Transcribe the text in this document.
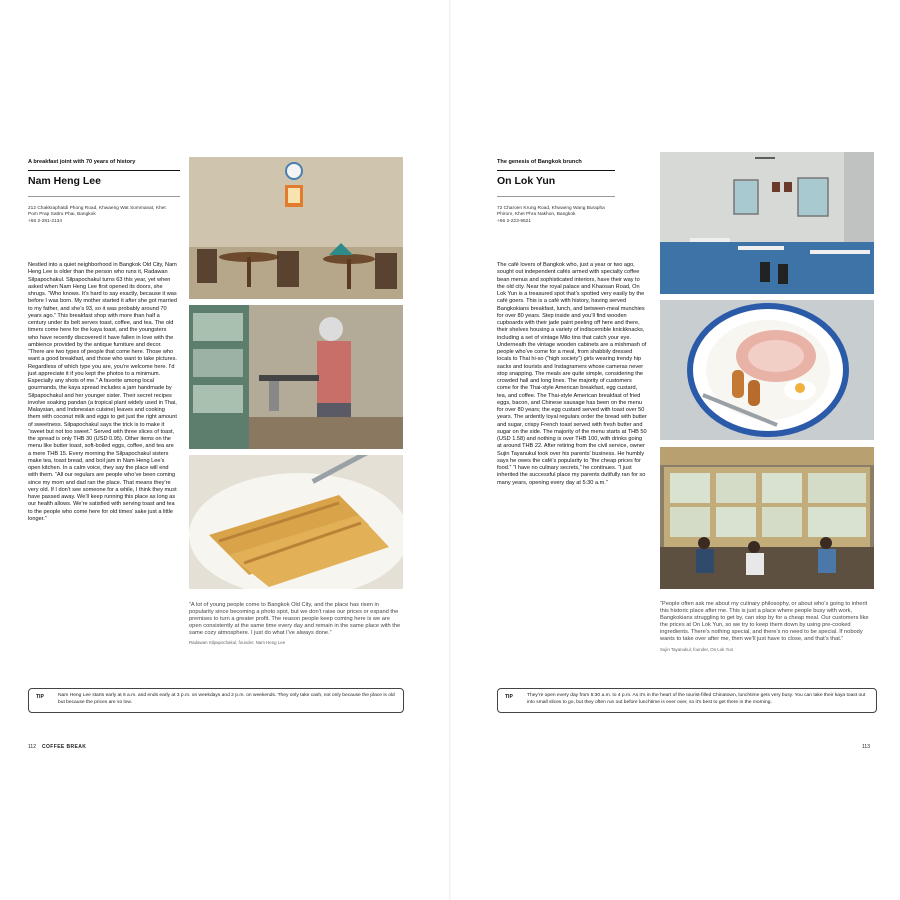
A breakfast joint with 70 years of history
Nam Heng Lee
212 Chakkraphatdi Phong Road, Khwaeng Wat Sommanat, Khet Pom Prap Sattru Phai, Bangkok
+66 2-281-2134
Nestled into a quiet neighborhood in Bangkok Old City, Nam Heng Lee is older than the person who runs it, Radawan Silpapochakul. Silpapochakul turns 63 this year, yet when asked when Nam Heng Lee first opened its doors, she shrugs. “Who knows. It’s hard to say exactly, because it was before I was born. My mother started it after she got married to my father, and she’s 93, so it was probably around 70 years ago.” This breakfast shop with more than half a century under its belt serves toast, coffee, and tea. The old timers come here for the kaya toast, and the youngsters who have recently discovered it have fallen in love with the ambience provided by the antique furniture and decor. “There are two types of people that come here. Those who want a good breakfast, and those who want to take pictures. Regardless of which type you are, you’re welcome here. I’d just appreciate it if you kept the photos to a minimum. Especially any shots of me.” A favorite among local gourmands, the kaya spread includes a jam handmade by Silpapochakul and her younger sister. Their secret recipes involve soaking pandan (a tropical plant widely used in Thai, Malaysian, and Indonesian cuisine) leaves and cooking them with coconut milk and eggs to get just the right amount of sweetness. Silpapochakul says the trick is to make it “sweet but not too sweet.” Served with three slices of toast, the spread is only THB 30 (USD 0.95). Other items on the menu like butter toast, soft-boiled eggs, coffee, and tea are a mere THB 15. Every morning the Silpapochakul sisters make tea, toast bread, and boil jam in Nam Heng Lee’s open kitchen. In a calm voice, they say the place will end with them. “All our regulars are people who’ve been coming since my mom and dad ran the place. That means they’re very old. If I don’t see someone for a while, I think they must have passed away. We’ll keep running this place as long as our health allows. We’re satisfied with serving toast and tea to the people who come here for old times’ sake just a little longer.”
“A lot of young people come to Bangkok Old City, and the place has risen in popularity since becoming a photo spot, but we don’t raise our prices or expand the premises to turn a greater profit. The reason people keep coming here is we are open consistently at the same time every day and remain in the same place with the same cozy atmosphere. I just do what I’ve always done.”
Radawan Silpapochakul, founder, Nam Heng Lee
TIP	Nam Heng Lee starts early at 6 a.m. and ends early at 3 p.m. on weekdays and 2 p.m. on weekends. They only take cash, not only because the place is old but because the prices are so low.
112 COFFEE BREAK
The genesis of Bangkok brunch
On Lok Yun
72 Charoen Krung Road, Khwaeng Wang Burapha Phirom, Khet Phra Nakhon, Bangkok
+66 2-223-9621
The café lovers of Bangkok who, just a year or two ago, sought out independent cafés armed with specialty coffee bean menus and sophisticated interiors, have their way to the old city. Near the royal palace and Khaosan Road, On Lok Yun is a treasured spot that’s spotted very easily by the café goers. This is a café with history, having served Bangkokians breakfast, lunch, and between-meal munchies for over 80 years. Step inside and you’ll find wooden cupboards with their jade paint peeling off here and there, their shelves housing a variety of indiscernible knickknacks, including a set of vintage Milo tins that catch your eye. Underneath the vintage wooden cabinets are a mishmash of people who’ve come for a meal, from shabbily dressed locals to Thai hi-so (“high society”) girls wearing trendy hip sacks and tourists and Instagramers whose cameras never stop snapping. The meals are quite simple, considering the crowded hall and long lines. The majority of customers come for the Thai-style American breakfast, egg custard, tea, and coffee. The Thai-style American breakfast of fried eggs, bacon, and Chinese sausage has been on the menu for over 80 years; the egg custard served with toast over 50 years. The ardently loyal regulars order the bread with butter and sugar, crispy French toast served with fresh butter and sugar on the side. The majority of the menu starts at THB 50 (USD 1.58) and nothing is over THB 100, with drinks going at around THB 22. After retiring from the civil service, owner Sujin Tayanukul took over his parents’ business. He humbly says he owes the café’s popularity to “the cheap prices for food.” “I have no culinary secrets,” he continues. “I just inherited the successful place my parents dutifully ran for so many years, opening every day at 5:30 a.m.”
“People often ask me about my culinary philosophy, or about who’s going to inherit this historic place after me. This is just a place where people busy with work, Bangkokians struggling to get by, can stop by for a cheap meal. Our customers like the prices at On Lok Yun, so we try to keep them down by using pre-cooked ingredients. There’s nothing special, and there’s no need to be special. If nobody wants to take over after me, then we’ll just have to close, and that’s that.”
Sujin Tayanukul, founder, On Lok Yun
TIP	They’re open every day from 5:30 a.m. to 4 p.m. As it’s in the heart of the tourist-filled Chinatown, lunchtime gets very busy. You can take their kaya toast out into small slices to go, but they often run out before lunchtime is ever over, so it’s best to get there in the morning.
113
